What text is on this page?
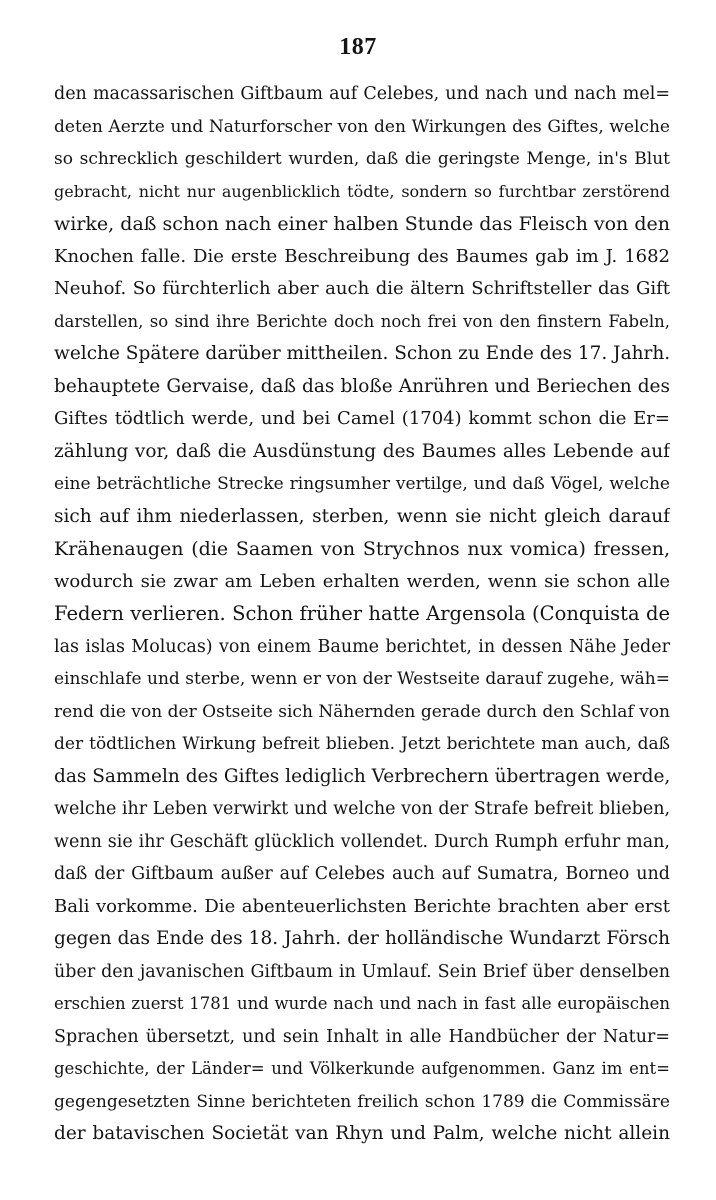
187
den macassarischen Giftbaum auf Celebes, und nach und nach mel=
deten Aerzte und Naturforscher von den Wirkungen des Giftes, welche
so schrecklich geschildert wurden, daß die geringste Menge, in's Blut
gebracht, nicht nur augenblicklich tödte, sondern so furchtbar zerstörend
wirke, daß schon nach einer halben Stunde das Fleisch von den
Knochen falle. Die erste Beschreibung des Baumes gab im J. 1682
Neuhof. So fürchterlich aber auch die ältern Schriftsteller das Gift
darstellen, so sind ihre Berichte doch noch frei von den finstern Fabeln,
welche Spätere darüber mittheilen. Schon zu Ende des 17. Jahrh.
behauptete Gervaise, daß das bloße Anrühren und Beriechen des
Giftes tödtlich werde, und bei Camel (1704) kommt schon die Er=
zählung vor, daß die Ausdünstung des Baumes alles Lebende auf
eine beträchtliche Strecke ringsumher vertilge, und daß Vögel, welche
sich auf ihm niederlassen, sterben, wenn sie nicht gleich darauf
Krähenaugen (die Saamen von Strychnos nux vomica) fressen,
wodurch sie zwar am Leben erhalten werden, wenn sie schon alle
Federn verlieren. Schon früher hatte Argensola (Conquista de
las islas Molucas) von einem Baume berichtet, in dessen Nähe Jeder
einschlafe und sterbe, wenn er von der Westseite darauf zugehe, wäh=
rend die von der Ostseite sich Nähernden gerade durch den Schlaf von
der tödtlichen Wirkung befreit blieben. Jetzt berichtete man auch, daß
das Sammeln des Giftes lediglich Verbrechern übertragen werde,
welche ihr Leben verwirkt und welche von der Strafe befreit blieben,
wenn sie ihr Geschäft glücklich vollendet. Durch Rumph erfuhr man,
daß der Giftbaum außer auf Celebes auch auf Sumatra, Borneo und
Bali vorkomme. Die abenteuerlichsten Berichte brachten aber erst
gegen das Ende des 18. Jahrh. der holländische Wundarzt Försch
über den javanischen Giftbaum in Umlauf. Sein Brief über denselben
erschien zuerst 1781 und wurde nach und nach in fast alle europäischen
Sprachen übersetzt, und sein Inhalt in alle Handbücher der Natur=
geschichte, der Länder= und Völkerkunde aufgenommen. Ganz im ent=
gegengesetzten Sinne berichteten freilich schon 1789 die Commissäre
der batavischen Societät van Rhyn und Palm, welche nicht allein
